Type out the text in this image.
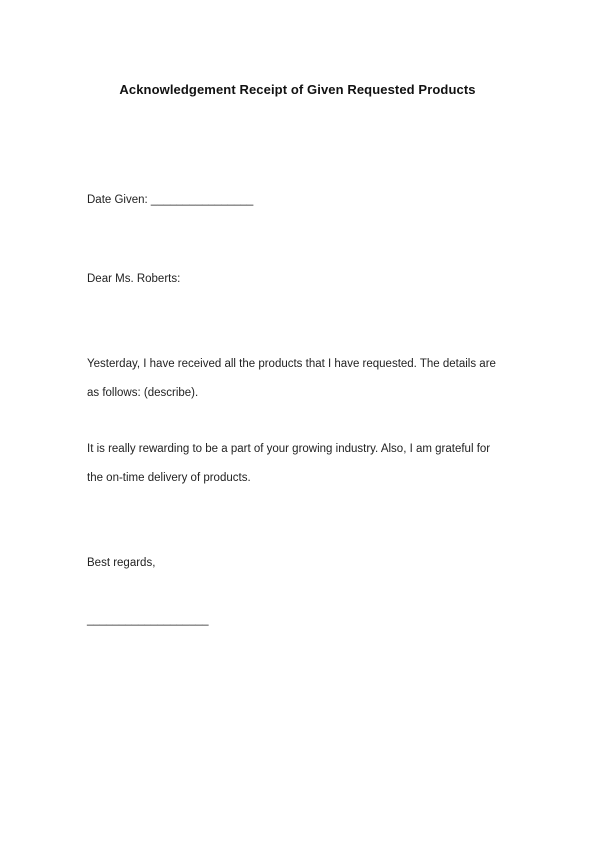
Acknowledgement Receipt of Given Requested Products
Date Given: ________________
Dear Ms. Roberts:
Yesterday, I have received all the products that I have requested. The details are
as follows: (describe).
It is really rewarding to be a part of your growing industry. Also, I am grateful for
the on-time delivery of products.
Best regards,
___________________
